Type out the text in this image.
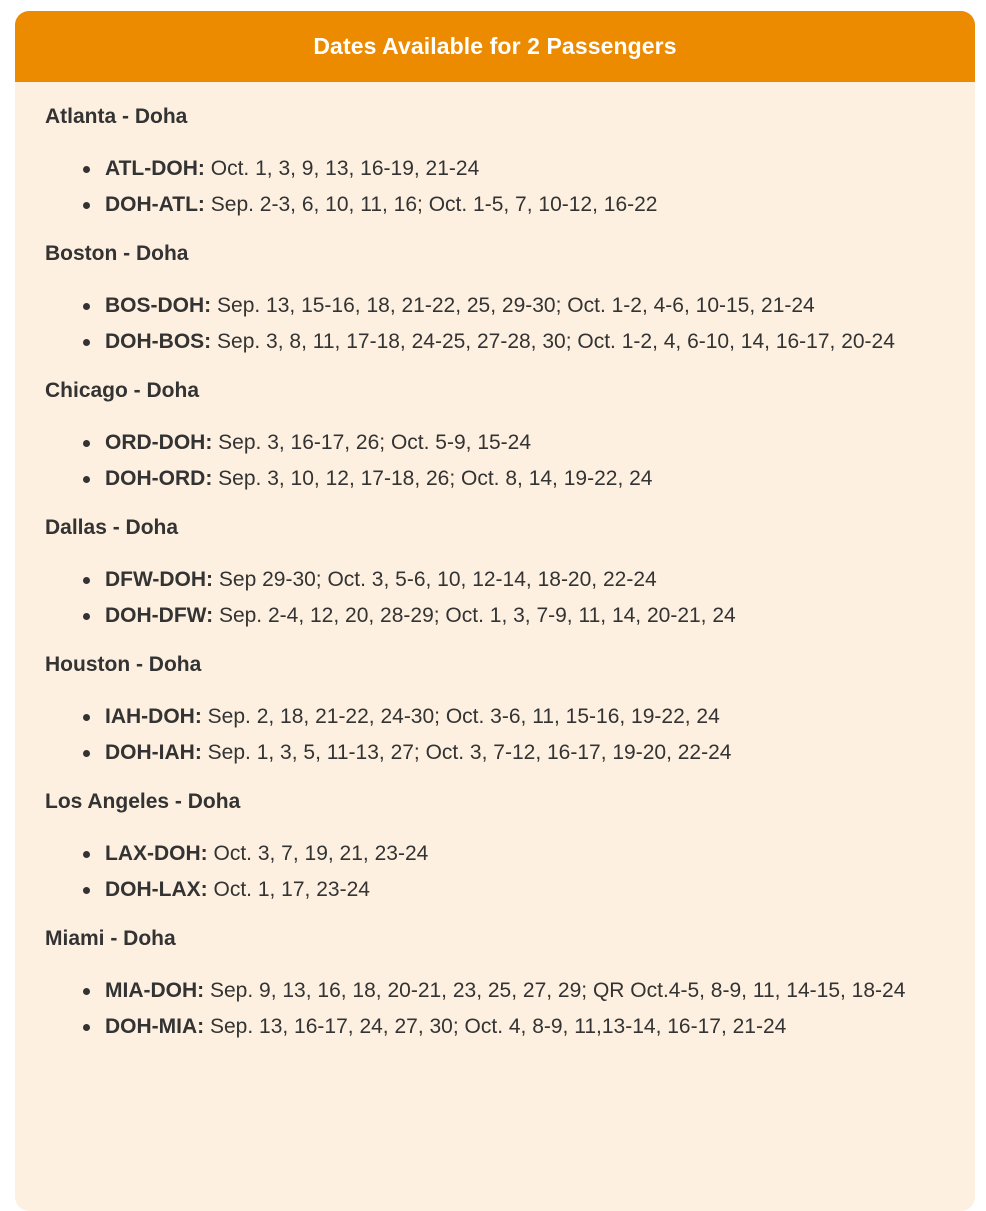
Dates Available for 2 Passengers
Atlanta - Doha
ATL-DOH: Oct. 1, 3, 9, 13, 16-19, 21-24
DOH-ATL: Sep. 2-3, 6, 10, 11, 16; Oct. 1-5, 7, 10-12, 16-22
Boston - Doha
BOS-DOH: Sep. 13, 15-16, 18, 21-22, 25, 29-30; Oct. 1-2, 4-6, 10-15, 21-24
DOH-BOS: Sep. 3, 8, 11, 17-18, 24-25, 27-28, 30; Oct. 1-2, 4, 6-10, 14, 16-17, 20-24
Chicago - Doha
ORD-DOH: Sep. 3, 16-17, 26; Oct. 5-9, 15-24
DOH-ORD: Sep. 3, 10, 12, 17-18, 26; Oct. 8, 14, 19-22, 24
Dallas - Doha
DFW-DOH: Sep 29-30; Oct. 3, 5-6, 10, 12-14, 18-20, 22-24
DOH-DFW: Sep. 2-4, 12, 20, 28-29; Oct. 1, 3, 7-9, 11, 14, 20-21, 24
Houston - Doha
IAH-DOH: Sep. 2, 18, 21-22, 24-30; Oct. 3-6, 11, 15-16, 19-22, 24
DOH-IAH: Sep. 1, 3, 5, 11-13, 27; Oct. 3, 7-12, 16-17, 19-20, 22-24
Los Angeles - Doha
LAX-DOH: Oct. 3, 7, 19, 21, 23-24
DOH-LAX: Oct. 1, 17, 23-24
Miami - Doha
MIA-DOH: Sep. 9, 13, 16, 18, 20-21, 23, 25, 27, 29; QR Oct.4-5, 8-9, 11, 14-15, 18-24
DOH-MIA: Sep. 13, 16-17, 24, 27, 30; Oct. 4, 8-9, 11,13-14, 16-17, 21-24
